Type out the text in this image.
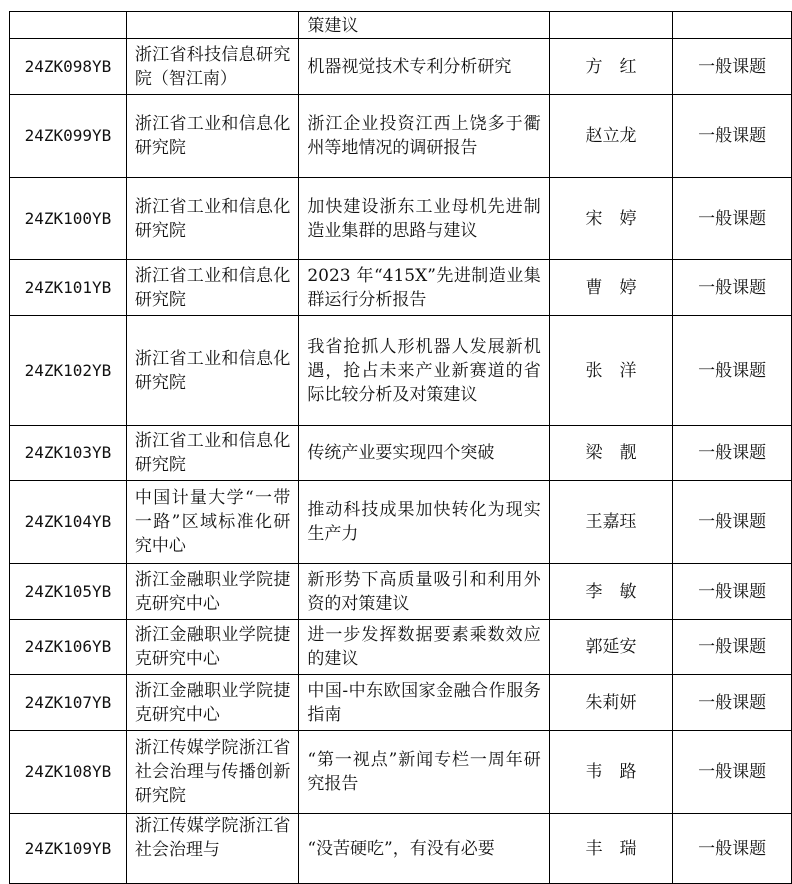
		策建议		
24ZK098YB	浙江省科技信息研究院（智江南）	机器视觉技术专利分析研究	方　红	一般课题
24ZK099YB	浙江省工业和信息化研究院	浙江企业投资江西上饶多于衢州等地情况的调研报告	赵立龙	一般课题
24ZK100YB	浙江省工业和信息化研究院	加快建设浙东工业母机先进制造业集群的思路与建议	宋　婷	一般课题
24ZK101YB	浙江省工业和信息化研究院	2023 年“415X”先进制造业集群运行分析报告	曹　婷	一般课题
24ZK102YB	浙江省工业和信息化研究院	我省抢抓人形机器人发展新机遇，抢占未来产业新赛道的省际比较分析及对策建议	张　洋	一般课题
24ZK103YB	浙江省工业和信息化研究院	传统产业要实现四个突破	梁　靓	一般课题
24ZK104YB	中国计量大学“一带一路”区域标准化研究中心	推动科技成果加快转化为现实生产力	王嘉珏	一般课题
24ZK105YB	浙江金融职业学院捷克研究中心	新形势下高质量吸引和利用外资的对策建议	李　敏	一般课题
24ZK106YB	浙江金融职业学院捷克研究中心	进一步发挥数据要素乘数效应的建议	郭延安	一般课题
24ZK107YB	浙江金融职业学院捷克研究中心	中国-中东欧国家金融合作服务指南	朱莉妍	一般课题
24ZK108YB	浙江传媒学院浙江省社会治理与传播创新研究院	“第一视点”新闻专栏一周年研究报告	韦　路	一般课题
24ZK109YB	浙江传媒学院浙江省社会治理与	“没苦硬吃”，有没有必要	丰　瑞	一般课题
